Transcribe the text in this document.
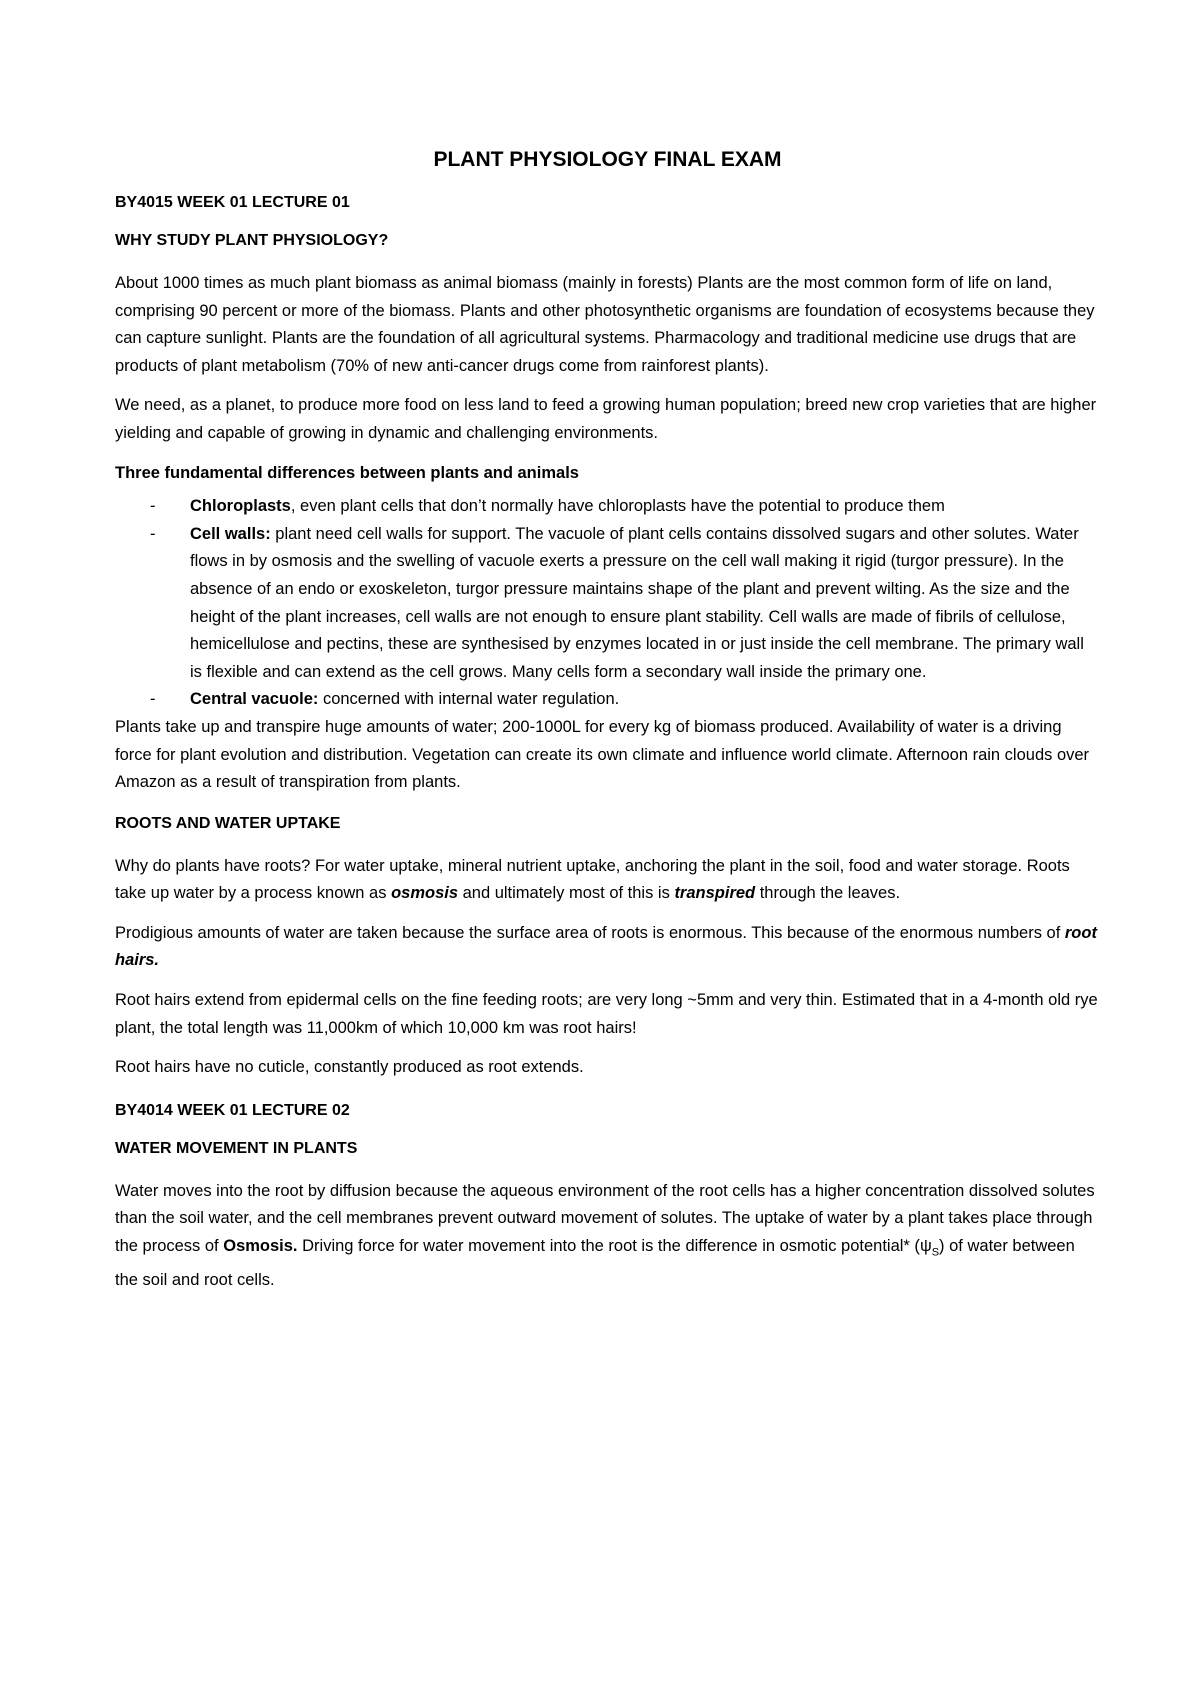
PLANT PHYSIOLOGY FINAL EXAM
BY4015 WEEK 01 LECTURE 01
WHY STUDY PLANT PHYSIOLOGY?

About 1000 times as much plant biomass as animal biomass (mainly in forests) Plants are the most common form of life on land, comprising 90 percent or more of the biomass. Plants and other photosynthetic organisms are foundation of ecosystems because they can capture sunlight. Plants are the foundation of all agricultural systems. Pharmacology and traditional medicine use drugs that are products of plant metabolism (70% of new anti-cancer drugs come from rainforest plants).

We need, as a planet, to produce more food on less land to feed a growing human population; breed new crop varieties that are higher yielding and capable of growing in dynamic and challenging environments.

Three fundamental differences between plants and animals

- Chloroplasts, even plant cells that don’t normally have chloroplasts have the potential to produce them
- Cell walls: plant need cell walls for support. The vacuole of plant cells contains dissolved sugars and other solutes. Water flows in by osmosis and the swelling of vacuole exerts a pressure on the cell wall making it rigid (turgor pressure). In the absence of an endo or exoskeleton, turgor pressure maintains shape of the plant and prevent wilting. As the size and the height of the plant increases, cell walls are not enough to ensure plant stability. Cell walls are made of fibrils of cellulose, hemicellulose and pectins, these are synthesised by enzymes located in or just inside the cell membrane. The primary wall is flexible and can extend as the cell grows. Many cells form a secondary wall inside the primary one.
- Central vacuole: concerned with internal water regulation.

Plants take up and transpire huge amounts of water; 200-1000L for every kg of biomass produced. Availability of water is a driving force for plant evolution and distribution. Vegetation can create its own climate and influence world climate. Afternoon rain clouds over Amazon as a result of transpiration from plants.

ROOTS AND WATER UPTAKE

Why do plants have roots? For water uptake, mineral nutrient uptake, anchoring the plant in the soil, food and water storage. Roots take up water by a process known as osmosis and ultimately most of this is transpired through the leaves.

Prodigious amounts of water are taken because the surface area of roots is enormous. This because of the enormous numbers of root hairs.

Root hairs extend from epidermal cells on the fine feeding roots; are very long ~5mm and very thin. Estimated that in a 4-month old rye plant, the total length was 11,000km of which 10,000 km was root hairs!

Root hairs have no cuticle, constantly produced as root extends.

BY4014 WEEK 01 LECTURE 02
WATER MOVEMENT IN PLANTS

Water moves into the root by diffusion because the aqueous environment of the root cells has a higher concentration dissolved solutes than the soil water, and the cell membranes prevent outward movement of solutes. The uptake of water by a plant takes place through the process of Osmosis. Driving force for water movement into the root is the difference in osmotic potential* $(\psi_S)$ of water between the soil and root cells.
